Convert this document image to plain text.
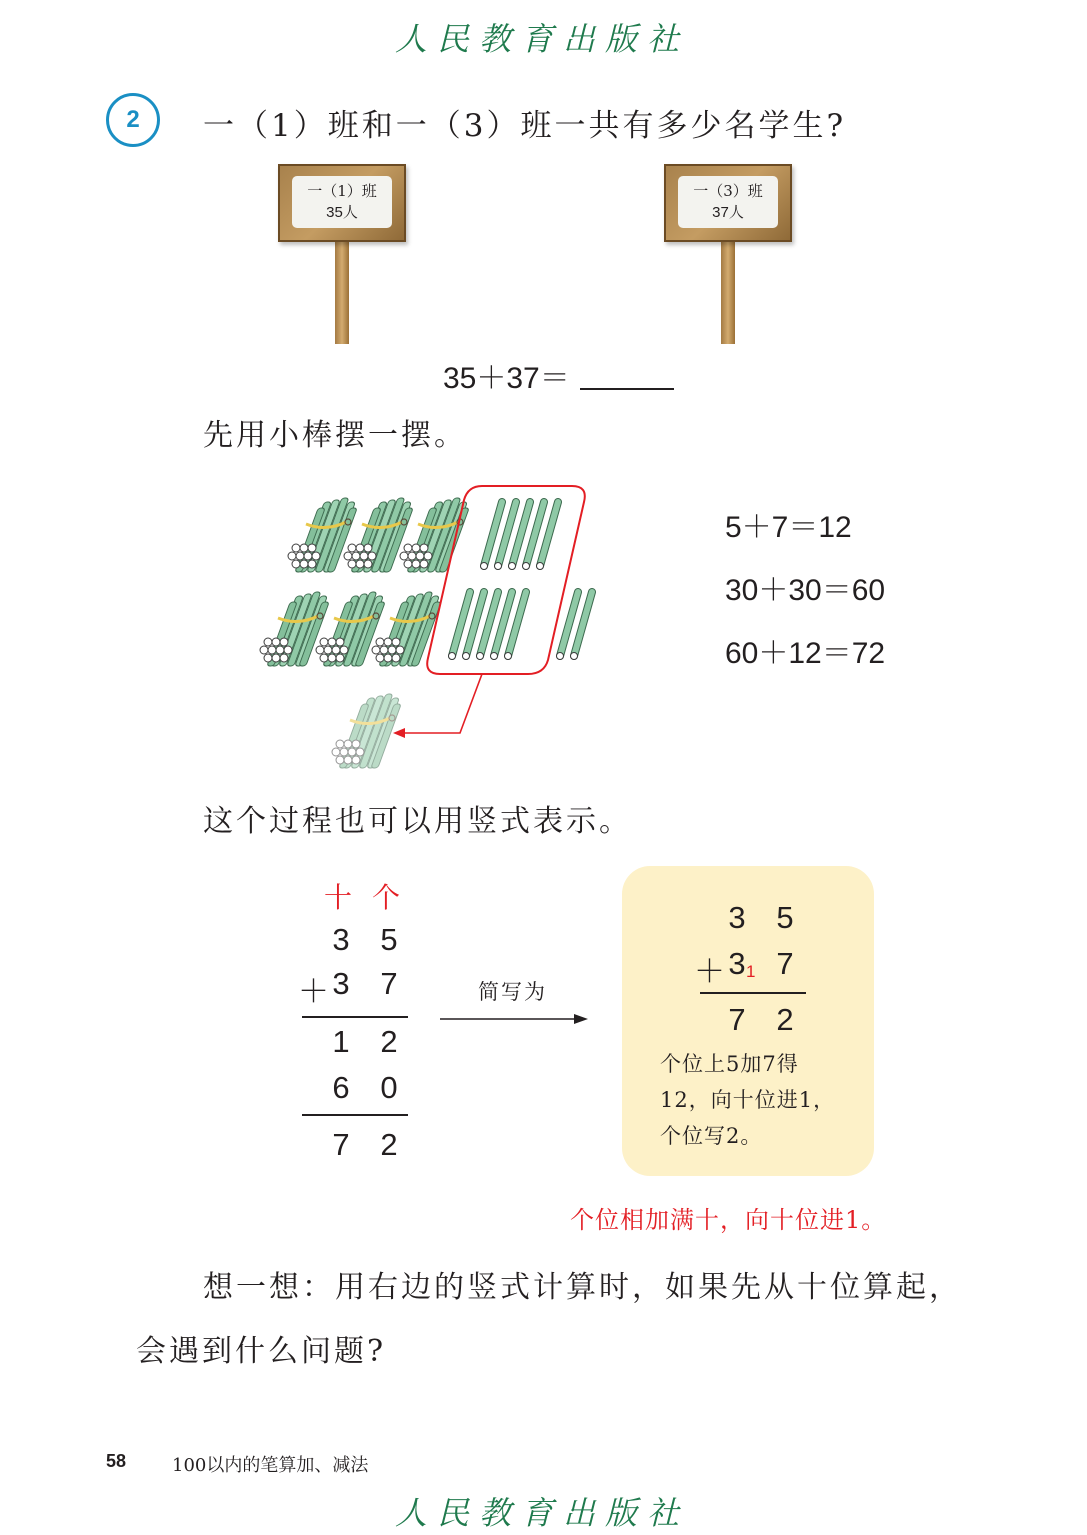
人民教育出版社
2	一（1）班和一（3）班一共有多少名学生?
一（1）班
35人
一（3）班
37人
35＋37＝
先用小棒摆一摆。
5＋7＝12
30＋30＝60
60＋12＝72
这个过程也可以用竖式表示。
十 个
3 5
＋ 3 7
1 2
6 0
7 2
简写为
3 5
＋ 3 1 7
7 2
个位上5加7得
12，向十位进1，
个位写2。
个位相加满十，向十位进1。
想一想：用右边的竖式计算时，如果先从十位算起，
会遇到什么问题?
58	100以内的笔算加、减法
人民教育出版社
